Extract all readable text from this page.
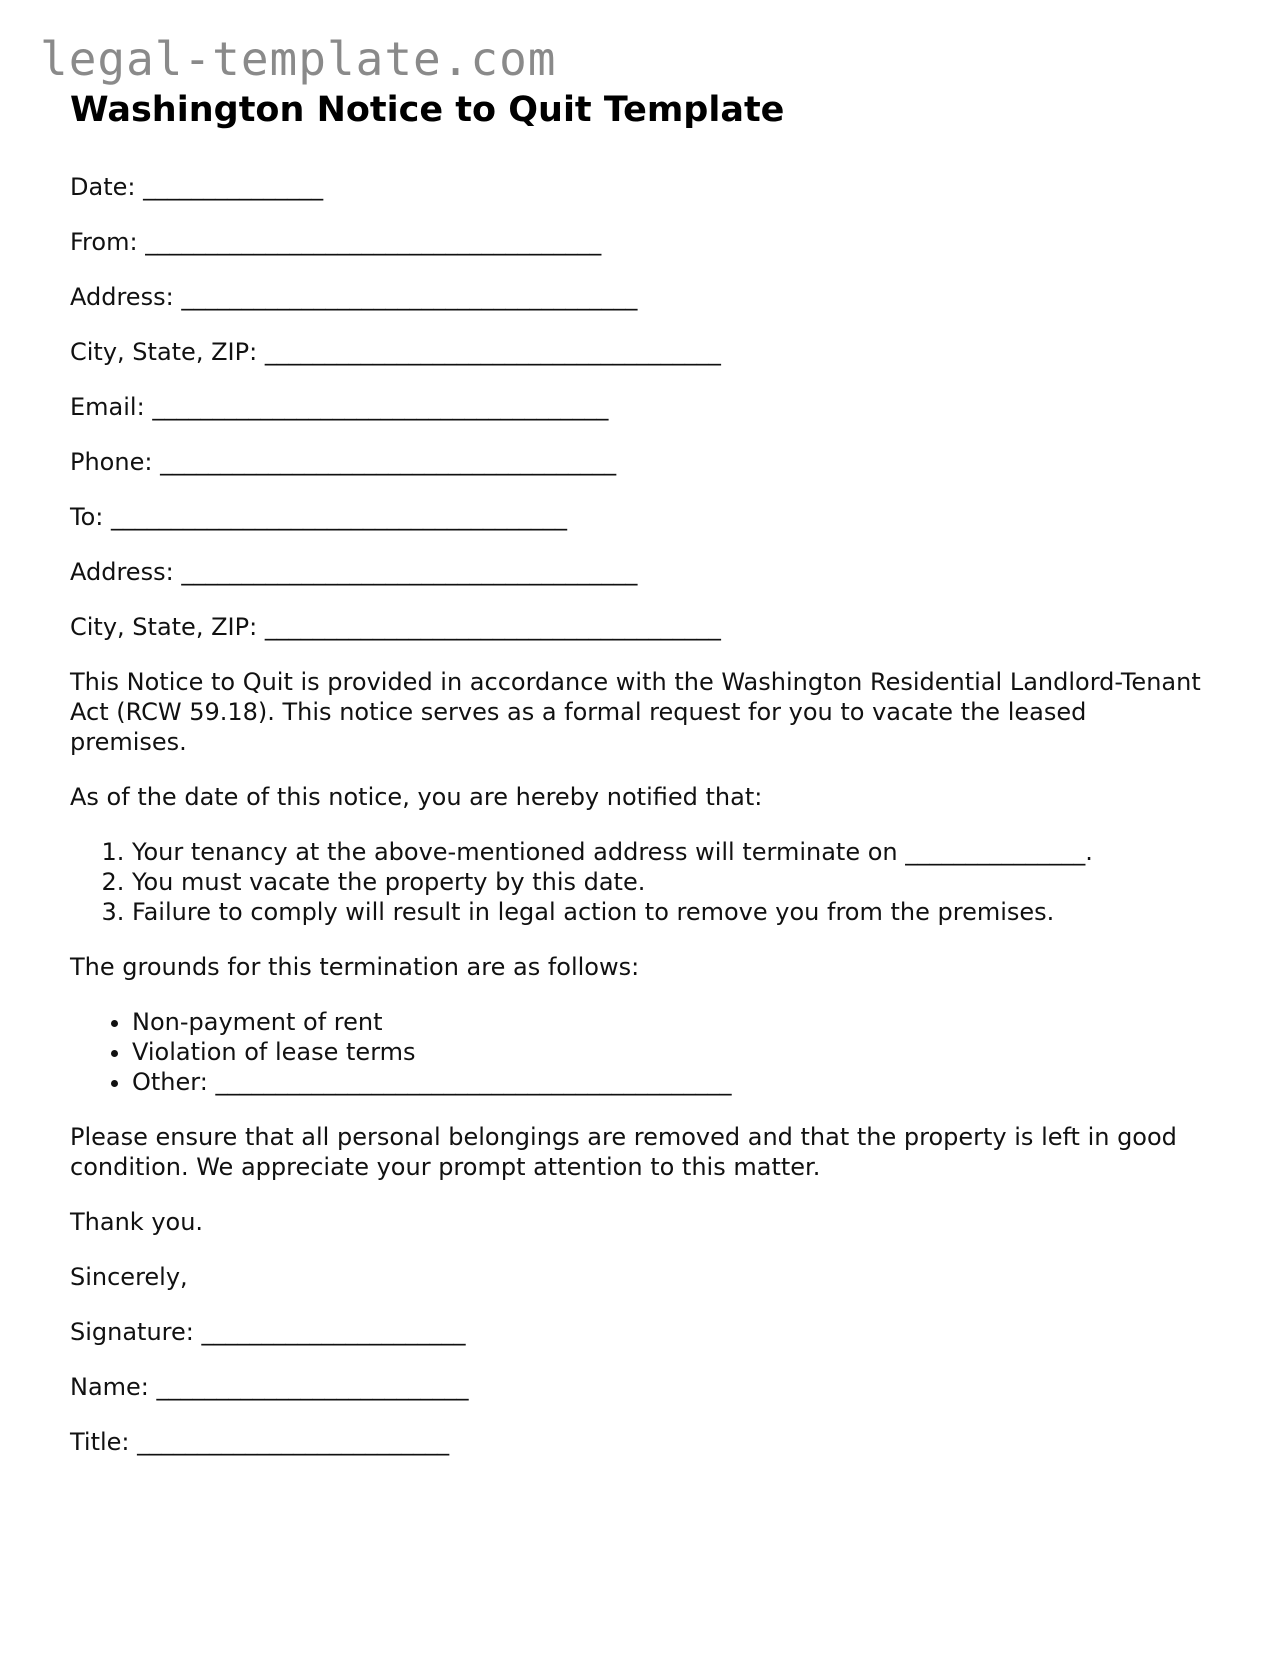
legal-template.com
Washington Notice to Quit Template
Date: _______________
From: ______________________________________
Address: ______________________________________
City, State, ZIP: ______________________________________
Email: ______________________________________
Phone: ______________________________________
To: ______________________________________
Address: ______________________________________
City, State, ZIP: ______________________________________

This Notice to Quit is provided in accordance with the Washington Residential Landlord-Tenant Act (RCW 59.18). This notice serves as a formal request for you to vacate the leased premises.

As of the date of this notice, you are hereby notified that:

1. Your tenancy at the above-mentioned address will terminate on _______________.
2. You must vacate the property by this date.
3. Failure to comply will result in legal action to remove you from the premises.

The grounds for this termination are as follows:

• Non-payment of rent
• Violation of lease terms
• Other: ___________________________________________

Please ensure that all personal belongings are removed and that the property is left in good condition. We appreciate your prompt attention to this matter.

Thank you.

Sincerely,

Signature: ______________________
Name: __________________________
Title: __________________________
